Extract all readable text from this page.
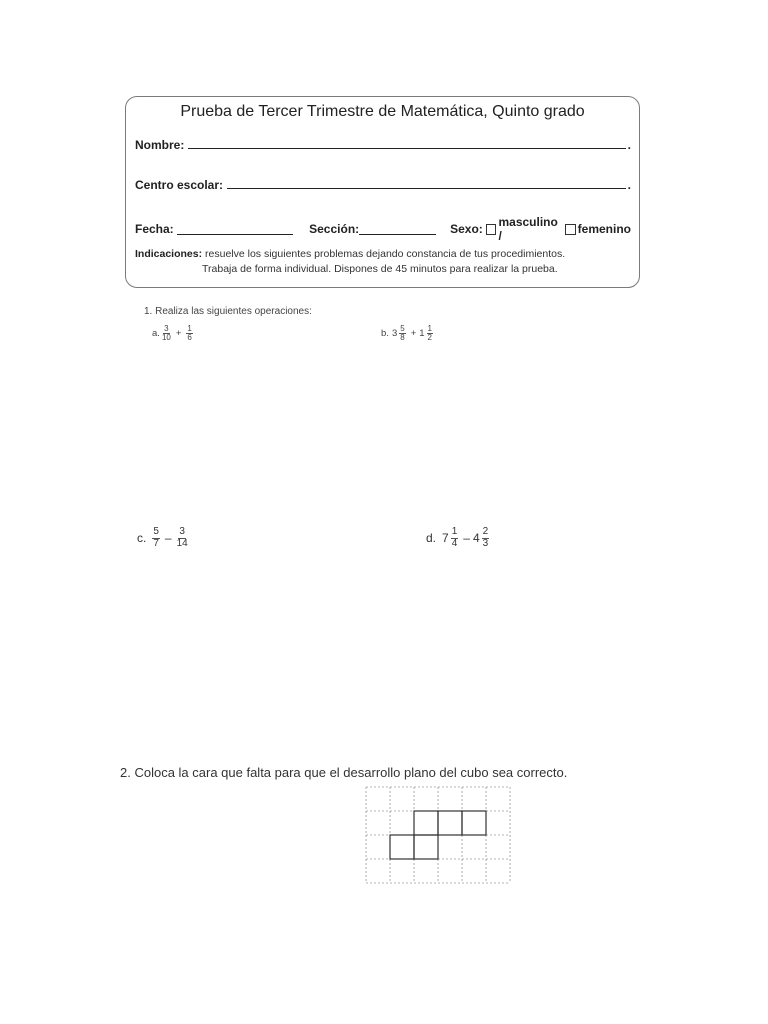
Prueba de Tercer Trimestre de Matemática, Quinto grado
Nombre:	.
Centro escolar:	.
Fecha:	Sección:	Sexo: masculino /	femenino
Indicaciones: resuelve los siguientes problemas dejando constancia de tus procedimientos.
Trabaja de forma individual. Dispones de 45 minutos para realizar la prueba.
1. Realiza las siguientes operaciones:
a. $\frac{3}{10} + \frac{1}{6}$	b. $3 \frac{5}{8} + 1 \frac{1}{2}$
c. $\frac{5}{7} - \frac{3}{14}$	d. $7 \frac{1}{4} - 4 \frac{2}{3}$
2. Coloca la cara que falta para que el desarrollo plano del cubo sea correcto.
